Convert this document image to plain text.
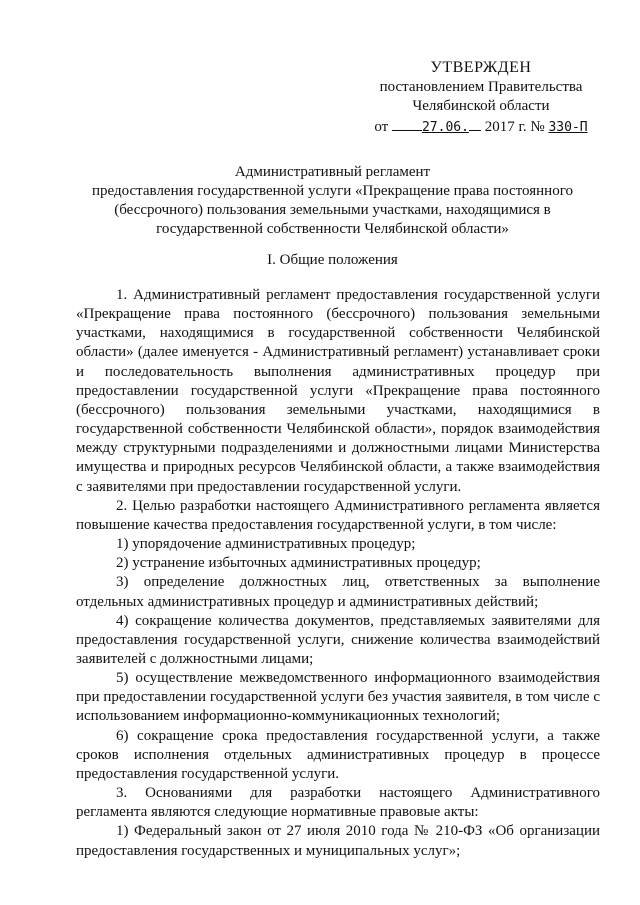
УТВЕРЖДЕН
постановлением Правительства
Челябинской области
от	27.06. 2017 г. № 330-П
Административный регламент
предоставления государственной услуги «Прекращение права постоянного
(бессрочного) пользования земельными участками, находящимися в
государственной собственности Челябинской области»
I. Общие положения

1. Административный регламент предоставления государственной услуги «Прекращение права постоянного (бессрочного) пользования земельными участками, находящимися в государственной собственности Челябинской области» (далее именуется - Административный регламент) устанавливает сроки и последовательность выполнения административных процедур при предоставлении государственной услуги «Прекращение права постоянного (бессрочного) пользования земельными участками, находящимися в государственной собственности Челябинской области», порядок взаимодействия между структурными подразделениями и должностными лицами Министерства имущества и природных ресурсов Челябинской области, а также взаимодействия с заявителями при предоставлении государственной услуги.

2. Целью разработки настоящего Административного регламента является повышение качества предоставления государственной услуги, в том числе:

1) упорядочение административных процедур;

2) устранение избыточных административных процедур;

3) определение должностных лиц, ответственных за выполнение отдельных административных процедур и административных действий;

4) сокращение количества документов, представляемых заявителями для предоставления государственной услуги, снижение количества взаимодействий заявителей с должностными лицами;

5) осуществление межведомственного информационного взаимодействия при предоставлении государственной услуги без участия заявителя, в том числе с использованием информационно-коммуникационных технологий;

6) сокращение срока предоставления государственной услуги, а также сроков исполнения отдельных административных процедур в процессе предоставления государственной услуги.

3. Основаниями для разработки настоящего Административного регламента являются следующие нормативные правовые акты:

1) Федеральный закон от 27 июля 2010 года № 210-ФЗ «Об организации предоставления государственных и муниципальных услуг»;
